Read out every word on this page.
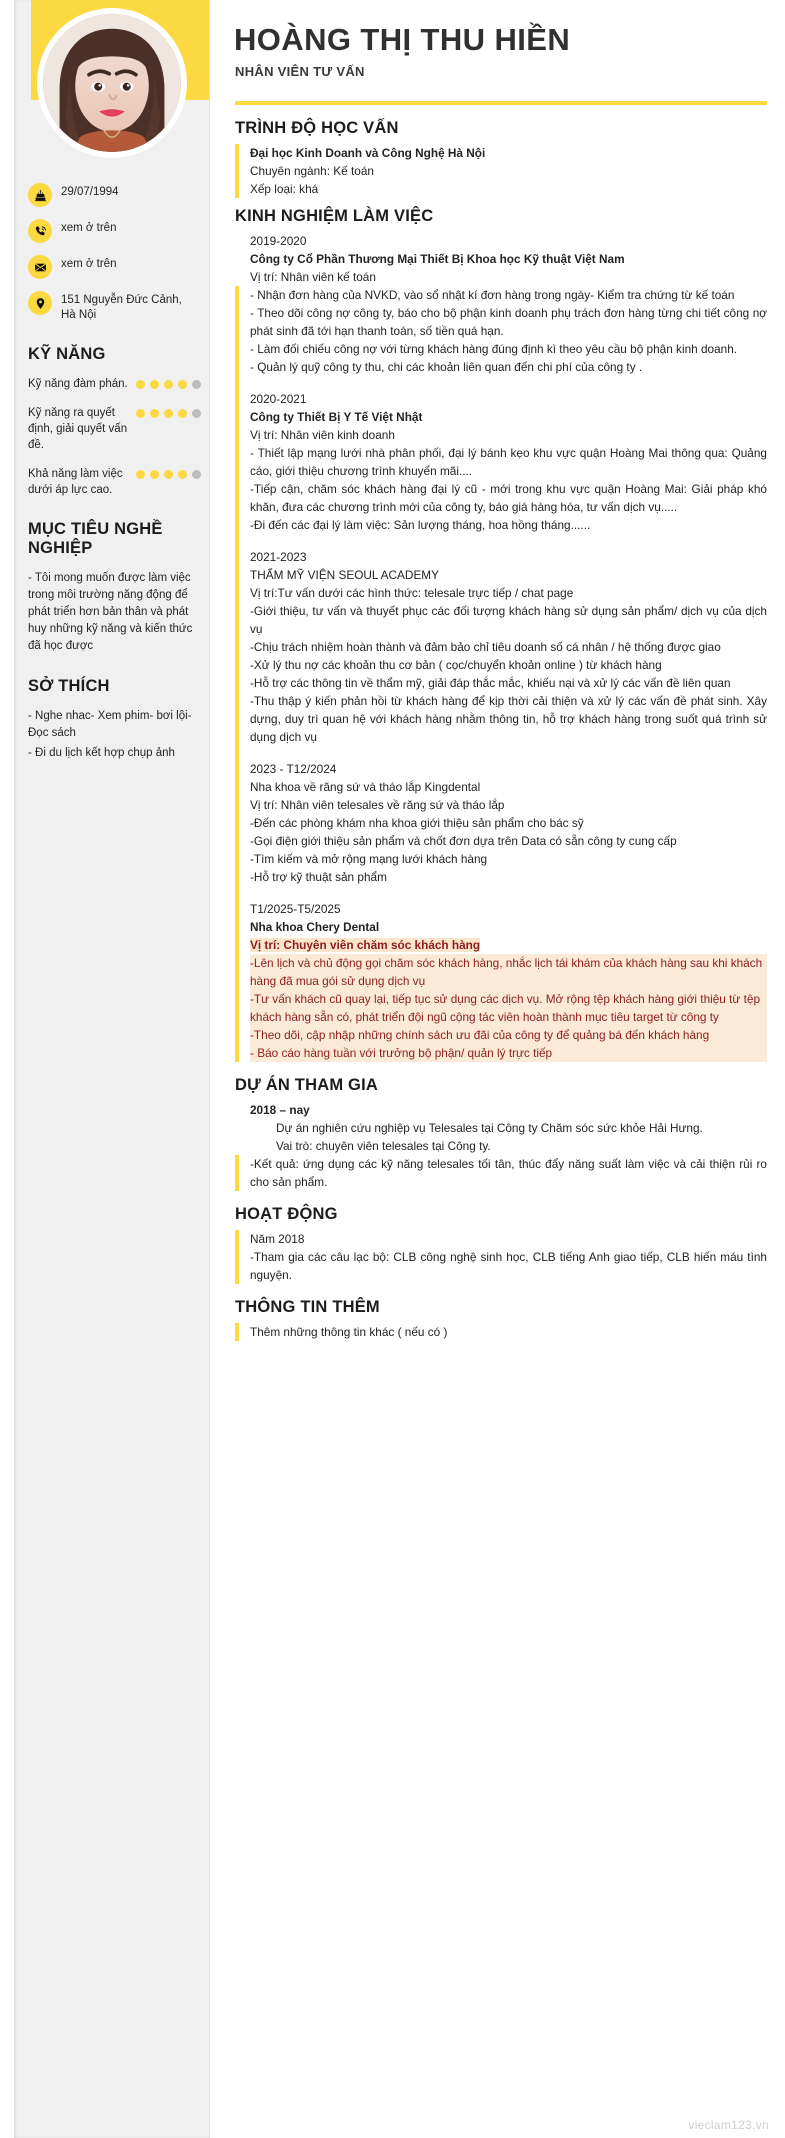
29/07/1994
xem ở trên
xem ở trên
151 Nguyễn Đức Cảnh, Hà Nội
KỸ NĂNG
Kỹ năng đàm phán.
Kỹ năng ra quyết định, giải quyết vấn đề.
Khả năng làm việc dưới áp lực cao.
MỤC TIÊU NGHỀ NGHIỆP

- Tôi mong muốn được làm việc trong môi trường năng động để phát triển hơn bản thân và phát huy những kỹ năng và kiến thức đã học được

SỞ THÍCH

- Nghe nhac- Xem phim- bơi lội- Đọc sách

- Đi du lịch kết hợp chụp ảnh

HOÀNG THỊ THU HIỀN
NHÂN VIÊN TƯ VẤN
TRÌNH ĐỘ HỌC VẤN
Đại học Kinh Doanh và Công Nghệ Hà Nội
Chuyên ngành: Kế toán
Xếp loại: khá
KINH NGHIỆM LÀM VIỆC
2019-2020
Công ty Cổ Phần Thương Mại Thiết Bị Khoa học Kỹ thuật Việt Nam
Vị trí: Nhân viên kế toán
- Nhận đơn hàng của NVKD, vào sổ nhật kí đơn hàng trong ngày- Kiểm tra chứng từ kế toán
- Theo dõi công nợ công ty, báo cho bộ phận kinh doanh phụ trách đơn hàng từng chi tiết công nợ phát sinh đã tới hạn thanh toán, số tiền quá hạn.
- Làm đối chiếu công nợ với từng khách hàng đúng định kì theo yêu cầu bộ phận kinh doanh.
- Quản lý quỹ công ty thu, chi các khoản liên quan đến chi phí của công ty .
2020-2021
Công ty Thiết Bị Y Tế Việt Nhật
Vị trí: Nhân viên kinh doanh
- Thiết lập mạng lưới nhà phân phối, đại lý bánh kẹo khu vực quận Hoàng Mai thông qua: Quảng cáo, giới thiệu chương trình khuyến mãi....
-Tiếp cận, chăm sóc khách hàng đại lý cũ - mới trong khu vực quận Hoàng Mai: Giải pháp khó khăn, đưa các chương trình mới của công ty, báo giá hàng hóa, tư vấn dịch vụ.....
-Đi đến các đại lý làm việc: Sản lượng tháng, hoa hồng tháng......
2021-2023
THẨM MỸ VIỆN SEOUL ACADEMY
Vị trí:Tư vấn dưới các hình thức: telesale trực tiếp / chat page
-Giới thiệu, tư vấn và thuyết phục các đối tượng khách hàng sử dụng sản phẩm/ dịch vụ của dịch vụ
-Chịu trách nhiệm hoàn thành và đảm bảo chỉ tiêu doanh số cá nhân / hệ thống được giao
-Xử lý thu nợ các khoản thu cơ bản ( cọc/chuyển khoản online ) từ khách hàng
-Hỗ trợ các thông tin về thẩm mỹ, giải đáp thắc mắc, khiếu nại và xử lý các vấn đề liên quan
-Thu thập ý kiến phản hồi từ khách hàng để kịp thời cải thiện và xử lý các vấn đề phát sinh. Xây dựng, duy trì quan hệ với khách hàng nhằm thông tin, hỗ trợ khách hàng trong suốt quá trình sử dụng dịch vụ
2023 - T12/2024
Nha khoa về răng sứ và tháo lắp Kingdental
Vị trí: Nhân viên telesales về răng sứ và tháo lắp
-Đến các phòng khám nha khoa giới thiệu sản phẩm cho bác sỹ
-Gọi điện giới thiệu sản phẩm và chốt đơn dựa trên Data có sẵn công ty cung cấp
-Tìm kiếm và mở rộng mạng lưới khách hàng
-Hỗ trợ kỹ thuật sản phẩm
T1/2025-T5/2025
Nha khoa Chery Dental
Vị trí: Chuyên viên chăm sóc khách hàng

-Lên lịch và chủ động gọi chăm sóc khách hàng, nhắc lịch tái khám của khách hàng sau khi khách hàng đã mua gói sử dụng dịch vụ

-Tư vấn khách cũ quay lại, tiếp tục sử dụng các dịch vụ. Mở rộng tệp khách hàng giới thiệu từ tệp khách hàng sẵn có, phát triển đội ngũ cộng tác viên hoàn thành mục tiêu target từ công ty

-Theo dõi, cập nhập những chính sách ưu đãi của công ty để quảng bá đến khách hàng

- Báo cáo hàng tuần với trưởng bộ phận/ quản lý trực tiếp

DỰ ÁN THAM GIA
2018 – nay
Dự án nghiên cứu nghiệp vụ Telesales tại Công ty Chăm sóc sức khỏe Hải Hưng.
Vai trò: chuyên viên telesales tại Công ty.
-Kết quả: ứng dụng các kỹ năng telesales tối tân, thúc đẩy năng suất làm việc và cải thiện rủi ro cho sản phẩm.
HOẠT ĐỘNG
Năm 2018
-Tham gia các câu lạc bộ: CLB công nghệ sinh học, CLB tiếng Anh giao tiếp, CLB hiến máu tình nguyện.
THÔNG TIN THÊM
Thêm những thông tin khác ( nếu có )
vieclam123.vn
